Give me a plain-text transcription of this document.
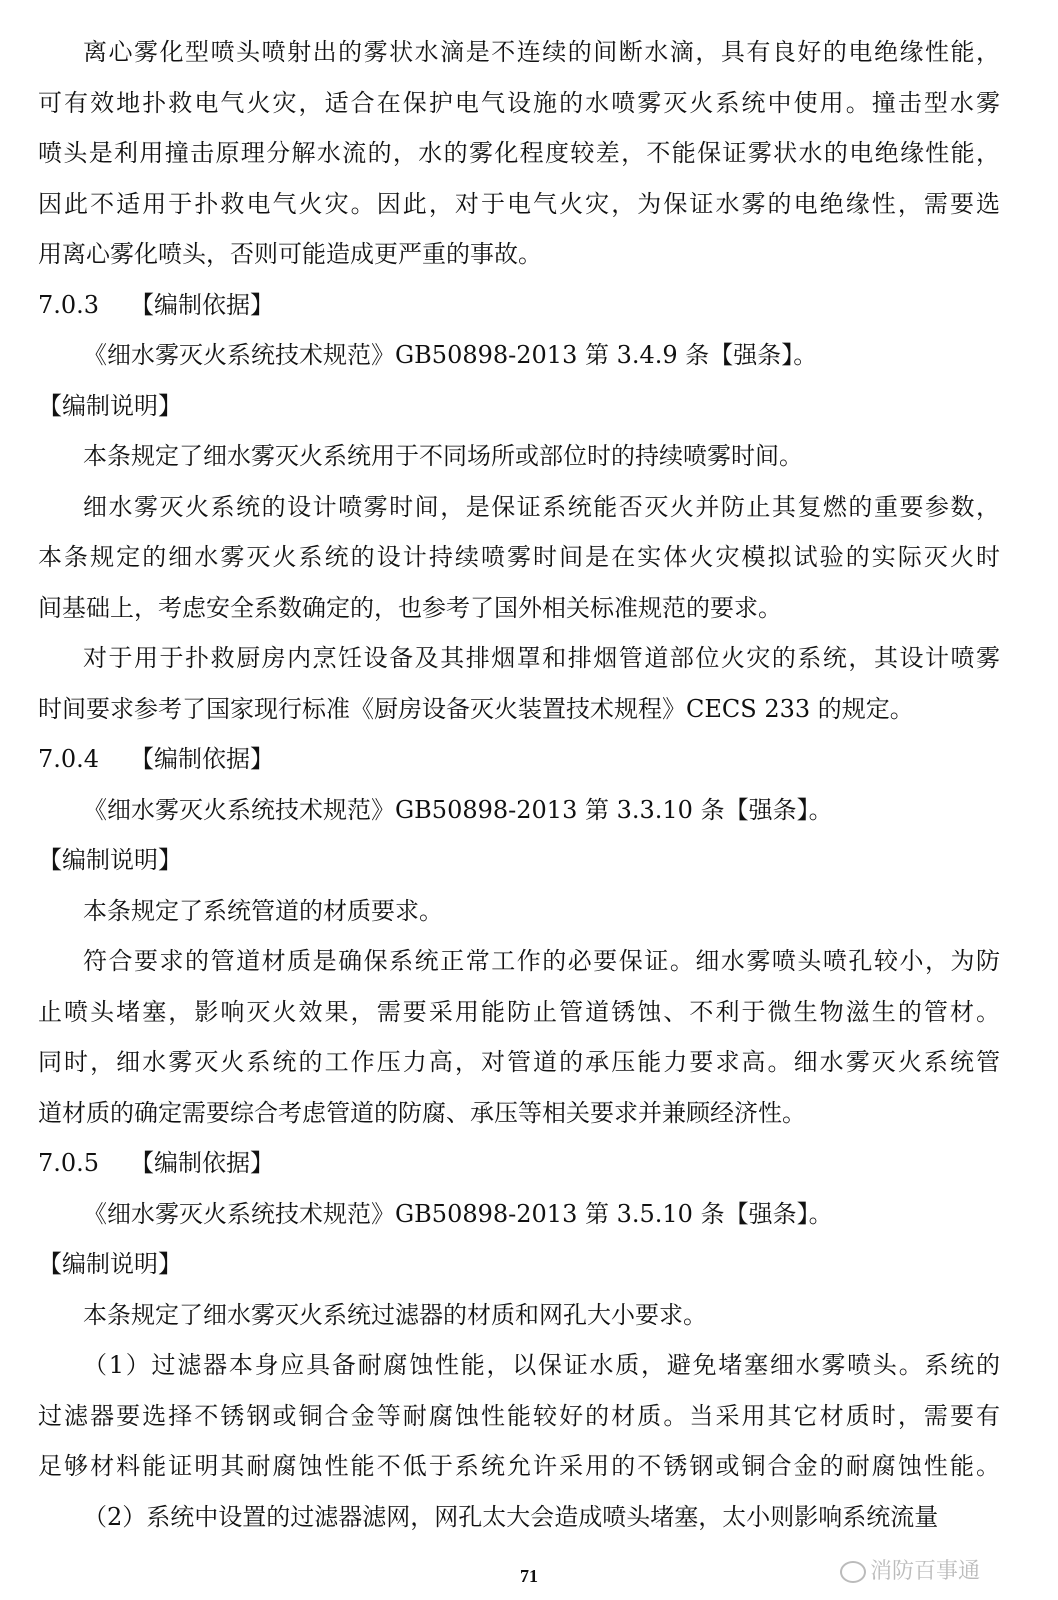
离心雾化型喷头喷射出的雾状水滴是不连续的间断水滴，具有良好的电绝缘性能，
可有效地扑救电气火灾，适合在保护电气设施的水喷雾灭火系统中使用。撞击型水雾
喷头是利用撞击原理分解水流的，水的雾化程度较差，不能保证雾状水的电绝缘性能，
因此不适用于扑救电气火灾。因此，对于电气火灾，为保证水雾的电绝缘性，需要选
用离心雾化喷头，否则可能造成更严重的事故。
7.0.3 【编制依据】
《细水雾灭火系统技术规范》GB50898-2013 第 3.4.9 条【强条】。
【编制说明】
本条规定了细水雾灭火系统用于不同场所或部位时的持续喷雾时间。
细水雾灭火系统的设计喷雾时间，是保证系统能否灭火并防止其复燃的重要参数，
本条规定的细水雾灭火系统的设计持续喷雾时间是在实体火灾模拟试验的实际灭火时
间基础上，考虑安全系数确定的，也参考了国外相关标准规范的要求。
对于用于扑救厨房内烹饪设备及其排烟罩和排烟管道部位火灾的系统，其设计喷雾
时间要求参考了国家现行标准《厨房设备灭火装置技术规程》CECS 233 的规定。
7.0.4 【编制依据】
《细水雾灭火系统技术规范》GB50898-2013 第 3.3.10 条【强条】。
【编制说明】
本条规定了系统管道的材质要求。
符合要求的管道材质是确保系统正常工作的必要保证。细水雾喷头喷孔较小，为防
止喷头堵塞，影响灭火效果，需要采用能防止管道锈蚀、不利于微生物滋生的管材。
同时，细水雾灭火系统的工作压力高，对管道的承压能力要求高。细水雾灭火系统管
道材质的确定需要综合考虑管道的防腐、承压等相关要求并兼顾经济性。
7.0.5 【编制依据】
《细水雾灭火系统技术规范》GB50898-2013 第 3.5.10 条【强条】。
【编制说明】
本条规定了细水雾灭火系统过滤器的材质和网孔大小要求。
（1）过滤器本身应具备耐腐蚀性能，以保证水质，避免堵塞细水雾喷头。系统的
过滤器要选择不锈钢或铜合金等耐腐蚀性能较好的材质。当采用其它材质时，需要有
足够材料能证明其耐腐蚀性能不低于系统允许采用的不锈钢或铜合金的耐腐蚀性能。
（2）系统中设置的过滤器滤网，网孔太大会造成喷头堵塞，太小则影响系统流量
71	消防百事通
